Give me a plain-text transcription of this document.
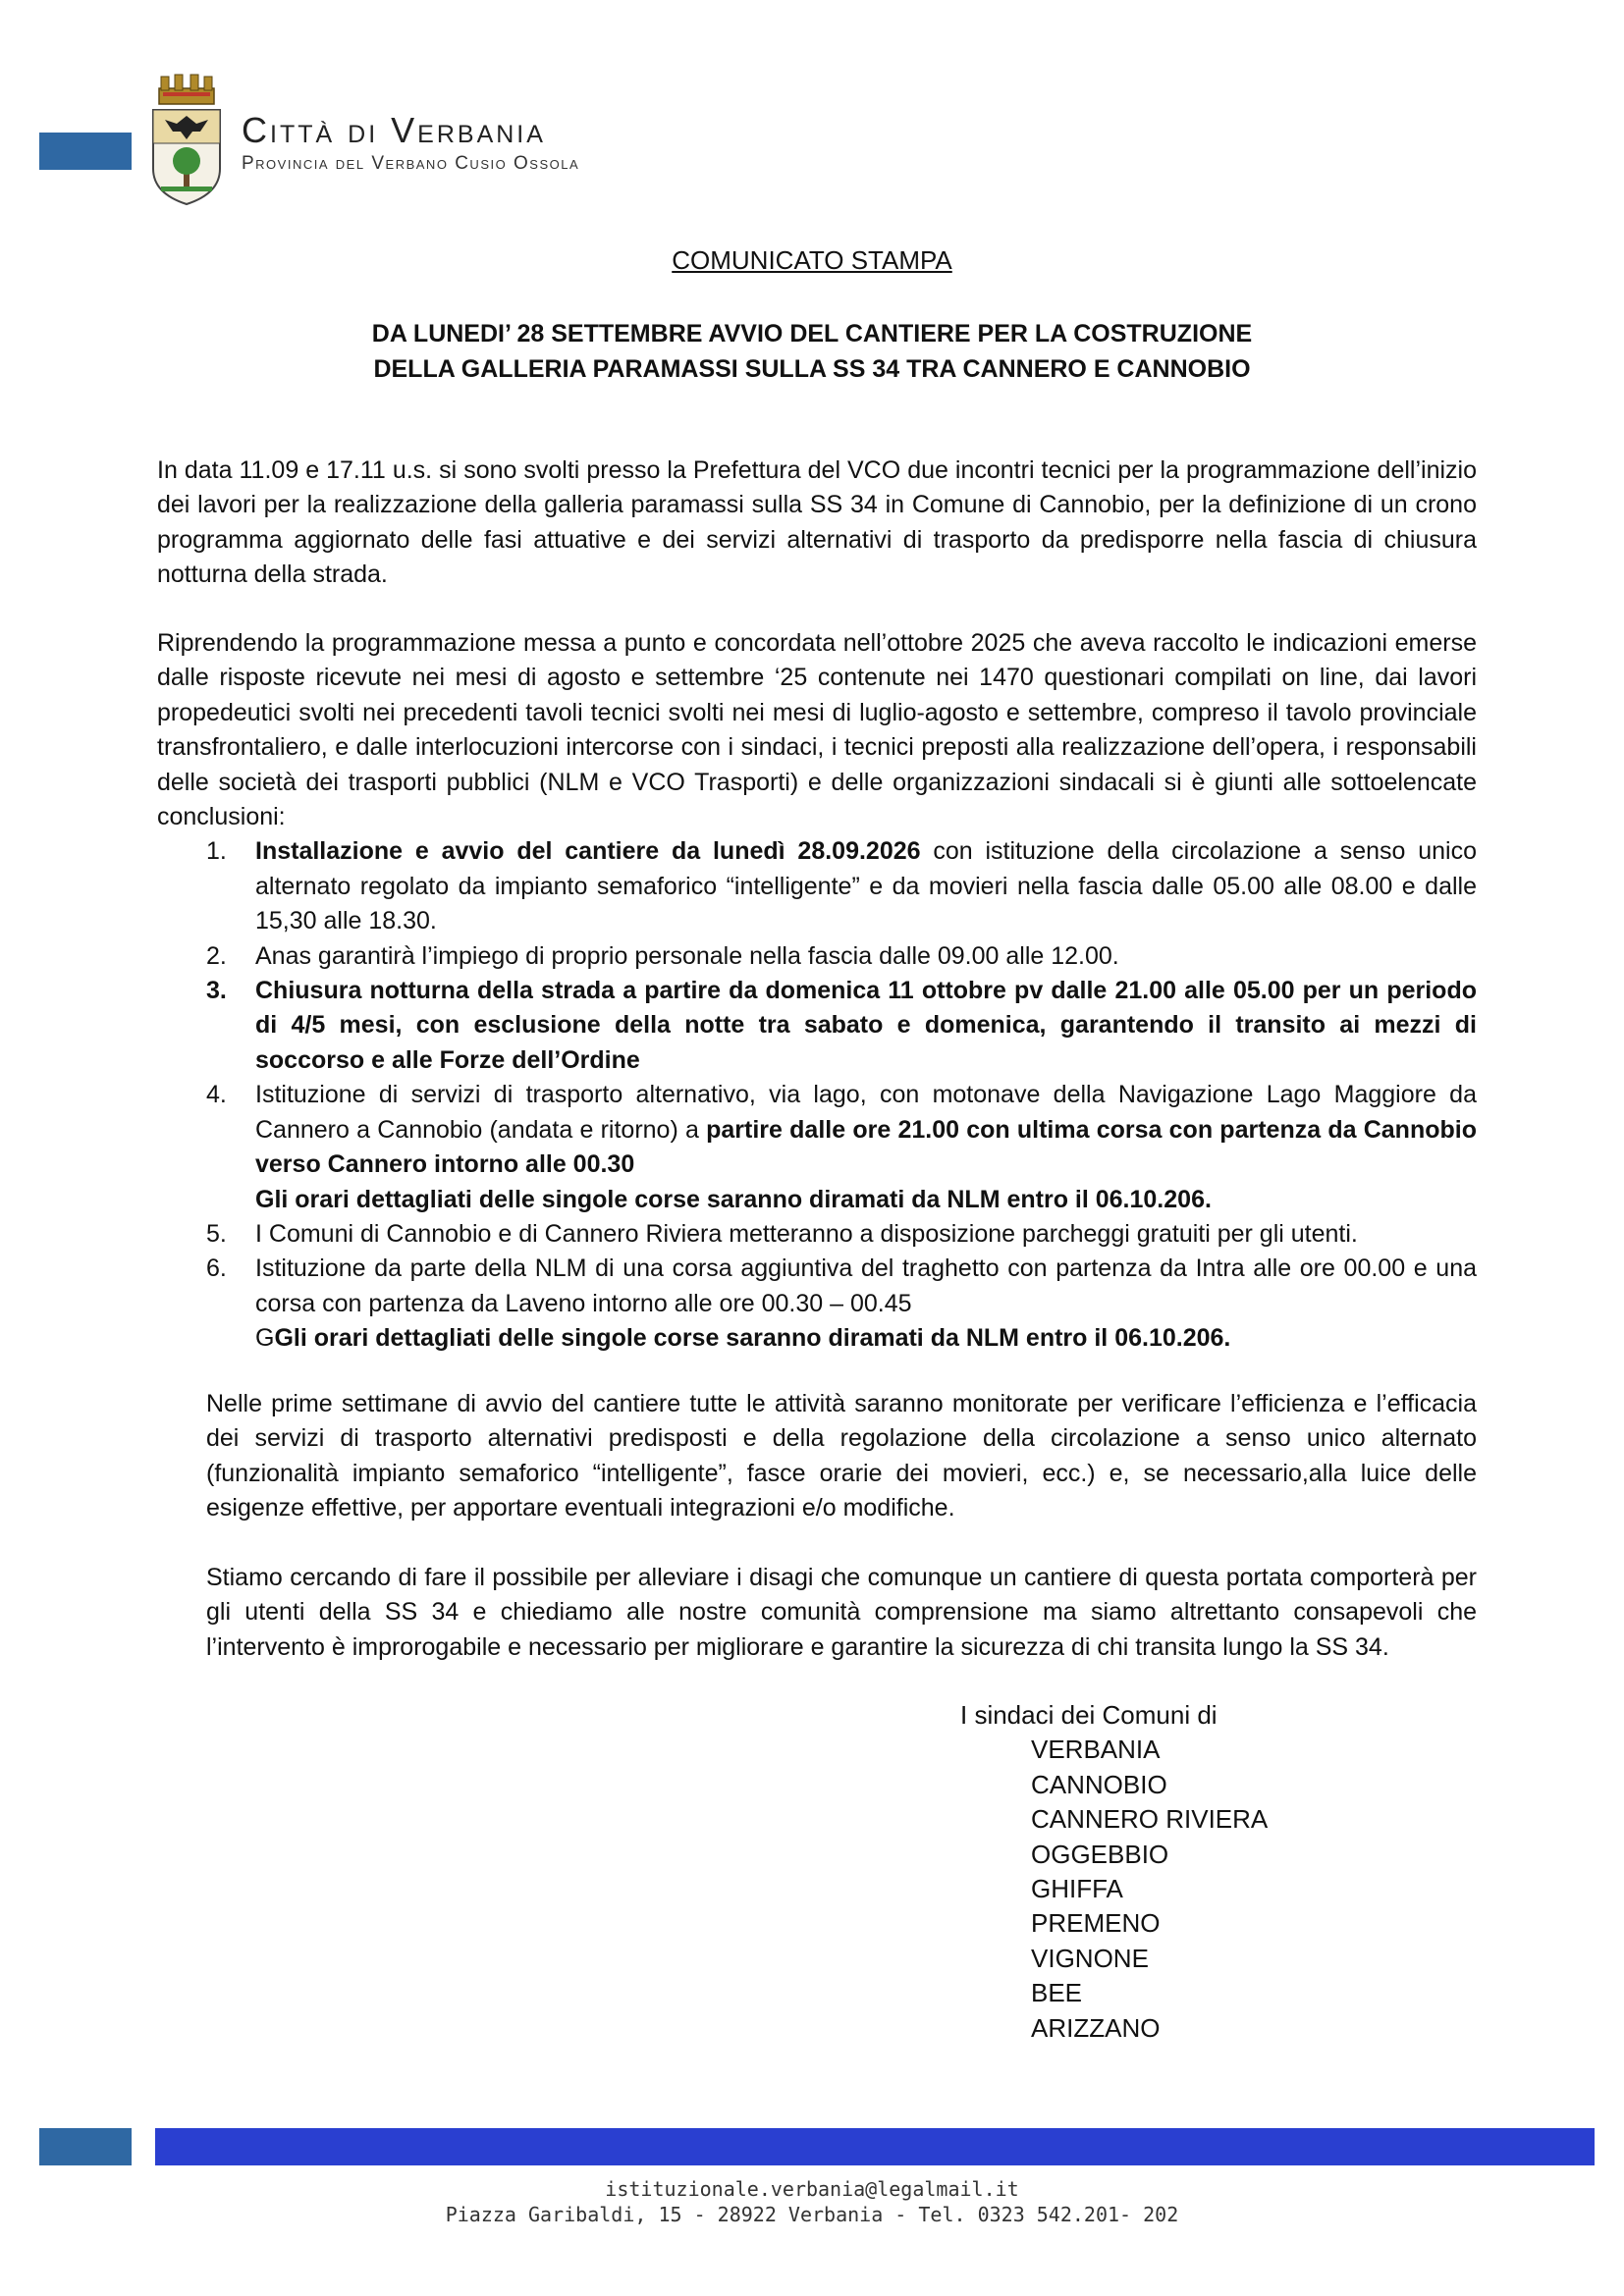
Città di Verbania
Provincia del Verbano Cusio Ossola
COMUNICATO STAMPA
DA LUNEDI’ 28 SETTEMBRE AVVIO DEL CANTIERE PER LA COSTRUZIONE
DELLA GALLERIA PARAMASSI SULLA SS 34 TRA CANNERO E CANNOBIO
In data 11.09 e 17.11 u.s. si sono svolti presso la Prefettura del VCO due incontri tecnici per la programmazione dell’inizio dei lavori per la realizzazione della galleria paramassi sulla SS 34 in Comune di Cannobio, per la definizione di un crono programma aggiornato delle fasi attuative e dei servizi alternativi di trasporto da predisporre nella fascia di chiusura notturna della strada.

Riprendendo la programmazione messa a punto e concordata nell’ottobre 2025 che aveva raccolto le indicazioni emerse dalle risposte ricevute nei mesi di agosto e settembre ‘25 contenute nei 1470 questionari compilati on line, dai lavori propedeutici svolti nei precedenti tavoli tecnici svolti nei mesi di luglio-agosto e settembre, compreso il tavolo provinciale transfrontaliero, e dalle interlocuzioni intercorse con i sindaci, i tecnici preposti alla realizzazione dell’opera, i responsabili delle società dei trasporti pubblici (NLM e VCO Trasporti) e delle organizzazioni sindacali si è giunti alle sottoelencate conclusioni:

1. Installazione e avvio del cantiere da lunedì 28.09.2026 con istituzione della circolazione a senso unico alternato regolato da impianto semaforico “intelligente” e da movieri nella fascia dalle 05.00 alle 08.00 e dalle 15,30 alle 18.30.
2. Anas garantirà l’impiego di proprio personale nella fascia dalle 09.00 alle 12.00.
3. Chiusura notturna della strada a partire da domenica 11 ottobre pv dalle 21.00 alle 05.00 per un periodo di 4/5 mesi, con esclusione della notte tra sabato e domenica, garantendo il transito ai mezzi di soccorso e alle Forze dell’Ordine
4. Istituzione di servizi di trasporto alternativo, via lago, con motonave della Navigazione Lago Maggiore da Cannero a Cannobio (andata e ritorno) a partire dalle ore 21.00 con ultima corsa con partenza da Cannobio verso Cannero intorno alle 00.30
Gli orari dettagliati delle singole corse saranno diramati da NLM entro il 06.10.206.
5. I Comuni di Cannobio e di Cannero Riviera metteranno a disposizione parcheggi gratuiti per gli utenti.
6. Istituzione da parte della NLM di una corsa aggiuntiva del traghetto con partenza da Intra alle ore 00.00 e una corsa con partenza da Laveno intorno alle ore 00.30 – 00.45
GGli orari dettagliati delle singole corse saranno diramati da NLM entro il 06.10.206.
Nelle prime settimane di avvio del cantiere tutte le attività saranno monitorate per verificare l’efficienza e l’efficacia dei servizi di trasporto alternativi predisposti e della regolazione della circolazione a senso unico alternato (funzionalità impianto semaforico “intelligente”, fasce orarie dei movieri, ecc.) e, se necessario,alla luice delle esigenze effettive, per apportare eventuali integrazioni e/o modifiche.
Stiamo cercando di fare il possibile per alleviare i disagi che comunque un cantiere di questa portata comporterà per gli utenti della SS 34 e chiediamo alle nostre comunità comprensione ma siamo altrettanto consapevoli che l’intervento è improrogabile e necessario per migliorare e garantire la sicurezza di chi transita lungo la SS 34.
I sindaci dei Comuni di
VERBANIA
CANNOBIO
CANNERO RIVIERA
OGGEBBIO
GHIFFA
PREMENO
VIGNONE
BEE
ARIZZANO
istituzionale.verbania@legalmail.it
Piazza Garibaldi, 15 - 28922 Verbania - Tel. 0323 542.201- 202
